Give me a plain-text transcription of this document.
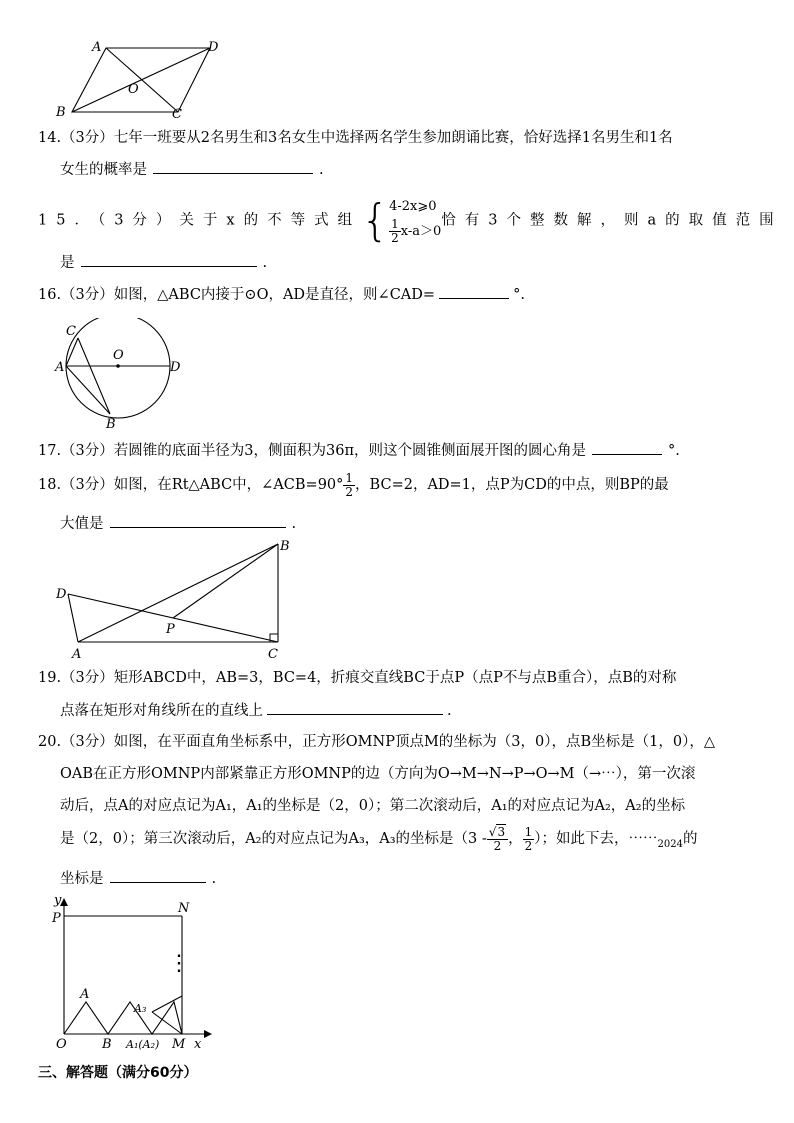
A	D
B
O
C
14.（3分）七年一班要从2名男生和3名女生中选择两名学生参加朗诵比赛，恰好选择1名男生和1名
女生的概率是	.
15．（3分）关于x的不等式组{4-2x⩾0

$\frac{1}{2} x-a>0$恰有3个整数解，则a的取值范围
是	.
16.（3分）如图，△ABC内接于⊙O，AD是直径，则∠CAD=	°.
C
O
A	D
B
17.（3分）若圆锥的底面半径为3，侧面积为36π，则这个圆锥侧面展开图的圆心角是	°.
18.（3分）如图，在Rt△ABC中，∠ACB=90° $\frac{1}{2}$ ，BC=2，AD=1，点P为CD的中点，则BP的最
大值是	.
B
D
P
A	C
19.（3分）矩形ABCD中，AB=3，BC=4，折痕交直线BC于点P（点P不与点B重合），点B的对称
点落在矩形对角线所在的直线上	.
20.（3分）如图，在平面直角坐标系中，正方形OMNP顶点M的坐标为（3，0），点B坐标是（1，0），△
OAB在正方形OMNP内部紧靠正方形OMNP的边（方向为O→M→N→P→O→M（→⋯），第一次滚
动后，点A的对应点记为A₁，A₁的坐标是（2，0）；第二次滚动后，A₁的对应点记为A₂，A₂的坐标
是（2，0）；第三次滚动后，A₂的对应点记为A₃，A₃的坐标是（$3 - \frac{√3}{2}$ ， $\frac{1}{2}$ ）；如此下去，$\cdots\cdots_{2024}$的
坐标是	.
y
P
N
A
A₃
O	B A₁(A₂) M x
⋮
三、解答题（满分60分）
